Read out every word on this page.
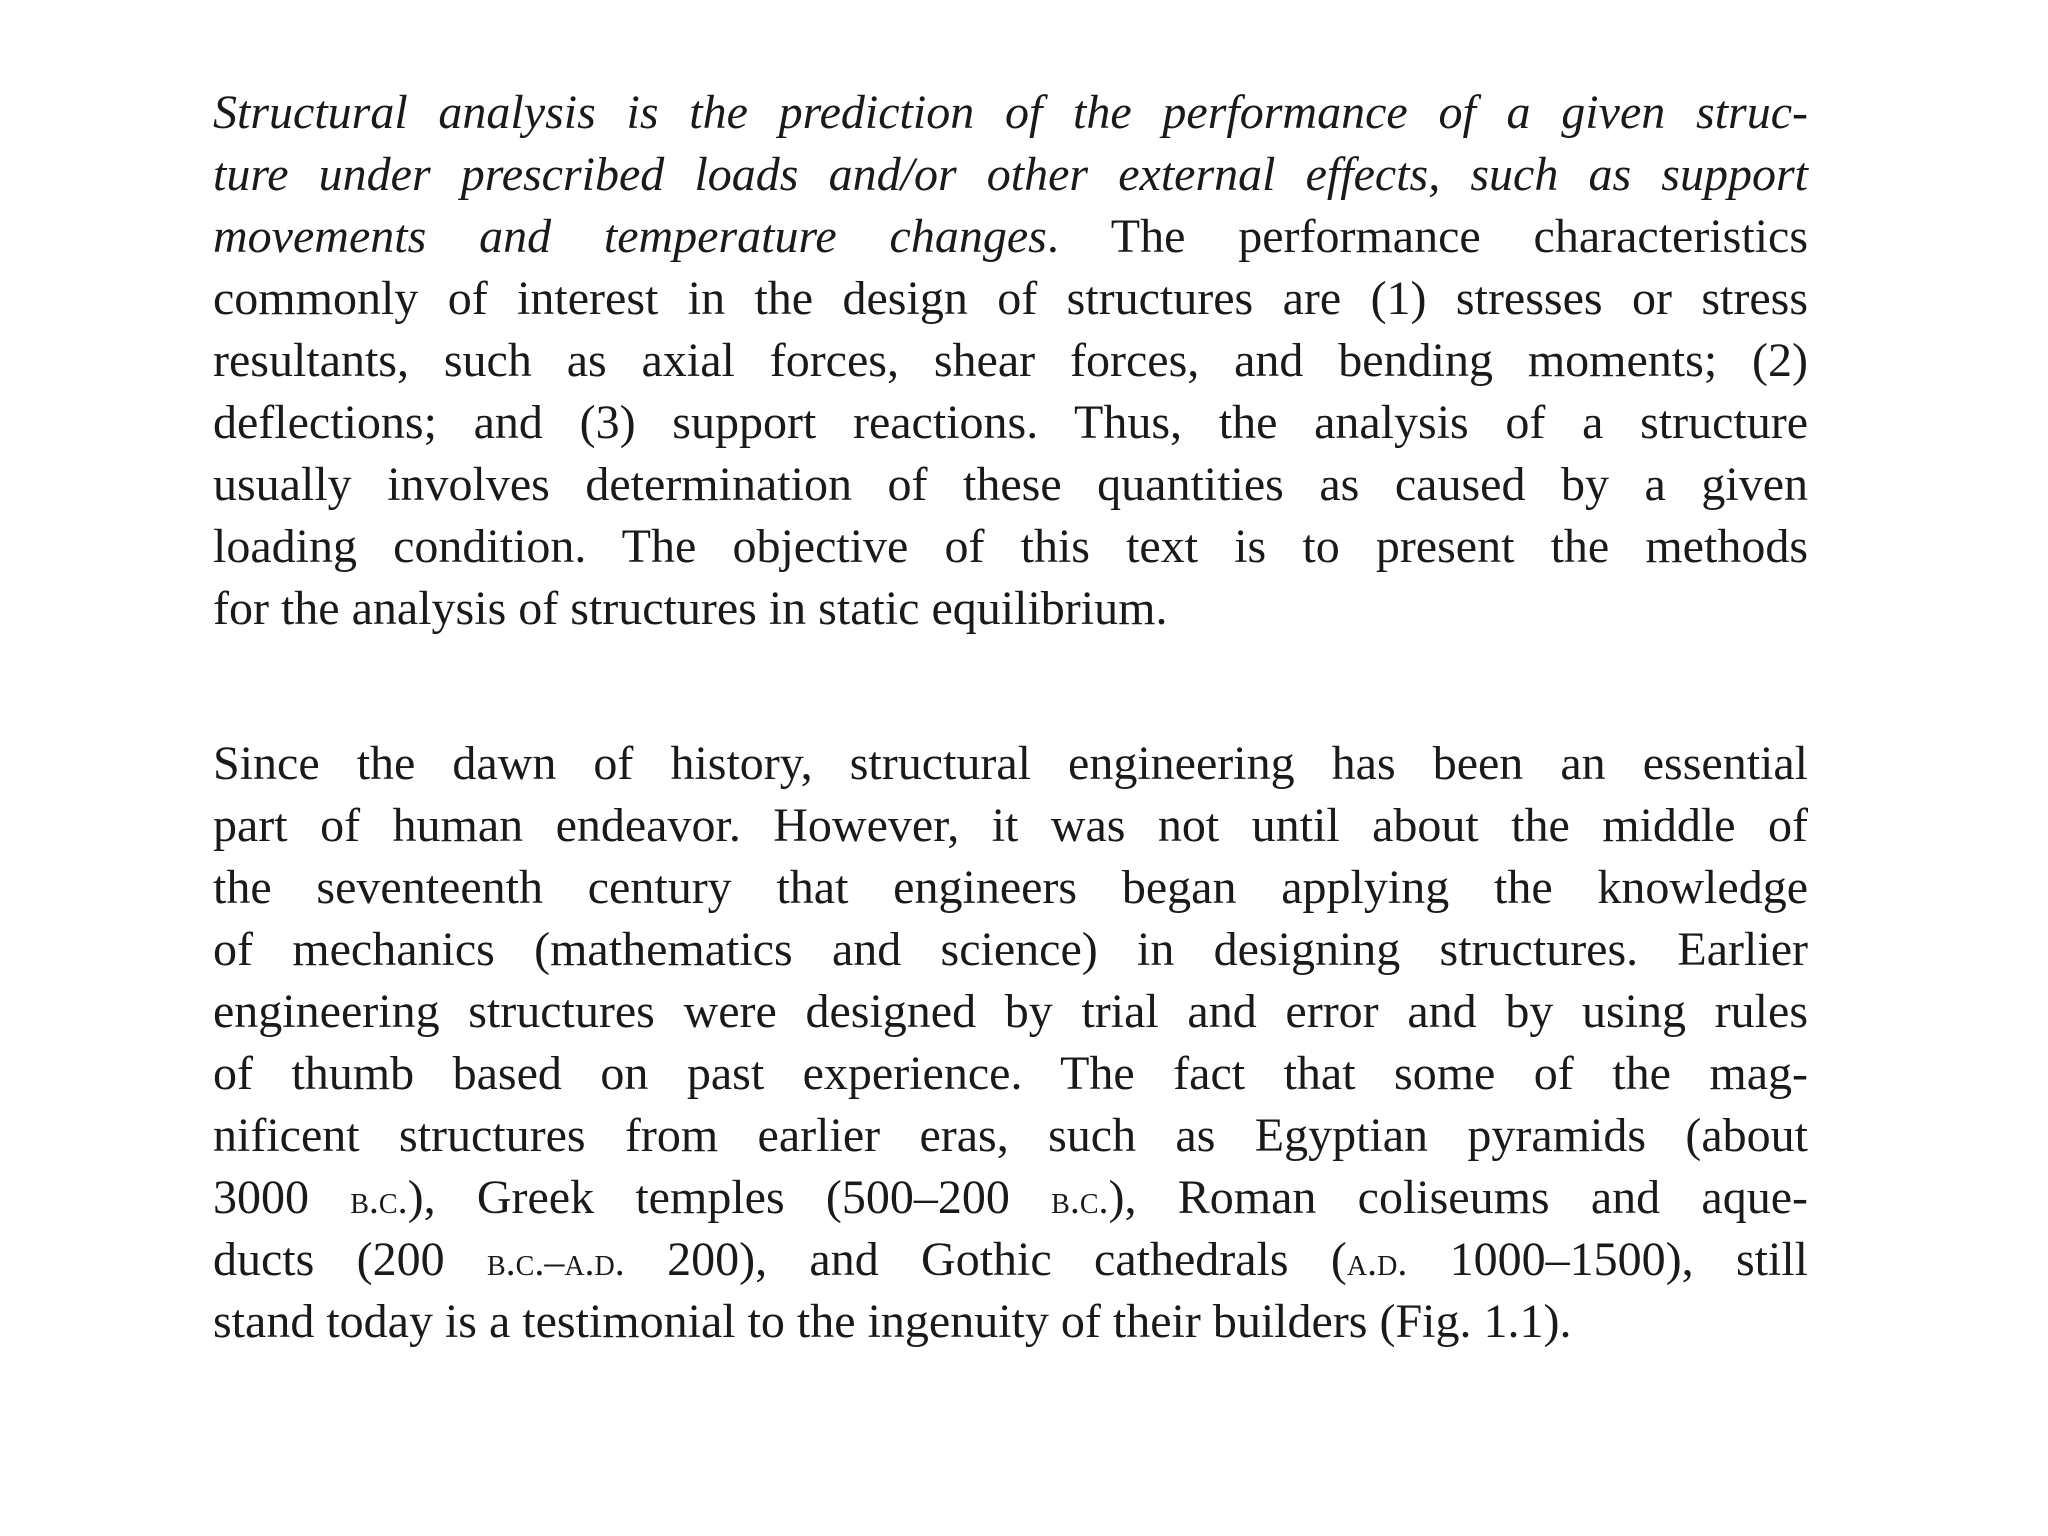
Structural analysis is the prediction of the performance of a given struc-
ture under prescribed loads and/or other external effects, such as support
movements and temperature changes. The performance characteristics
commonly of interest in the design of structures are (1) stresses or stress
resultants, such as axial forces, shear forces, and bending moments; (2)
deflections; and (3) support reactions. Thus, the analysis of a structure
usually involves determination of these quantities as caused by a given
loading condition. The objective of this text is to present the methods
for the analysis of structures in static equilibrium.
Since the dawn of history, structural engineering has been an essential
part of human endeavor. However, it was not until about the middle of
the seventeenth century that engineers began applying the knowledge
of mechanics (mathematics and science) in designing structures. Earlier
engineering structures were designed by trial and error and by using rules
of thumb based on past experience. The fact that some of the mag-
nificent structures from earlier eras, such as Egyptian pyramids (about
3000 b.c.), Greek temples (500–200 b.c.), Roman coliseums and aque-
ducts (200 b.c.–a.d. 200), and Gothic cathedrals (a.d. 1000–1500), still
stand today is a testimonial to the ingenuity of their builders (Fig. 1.1).
